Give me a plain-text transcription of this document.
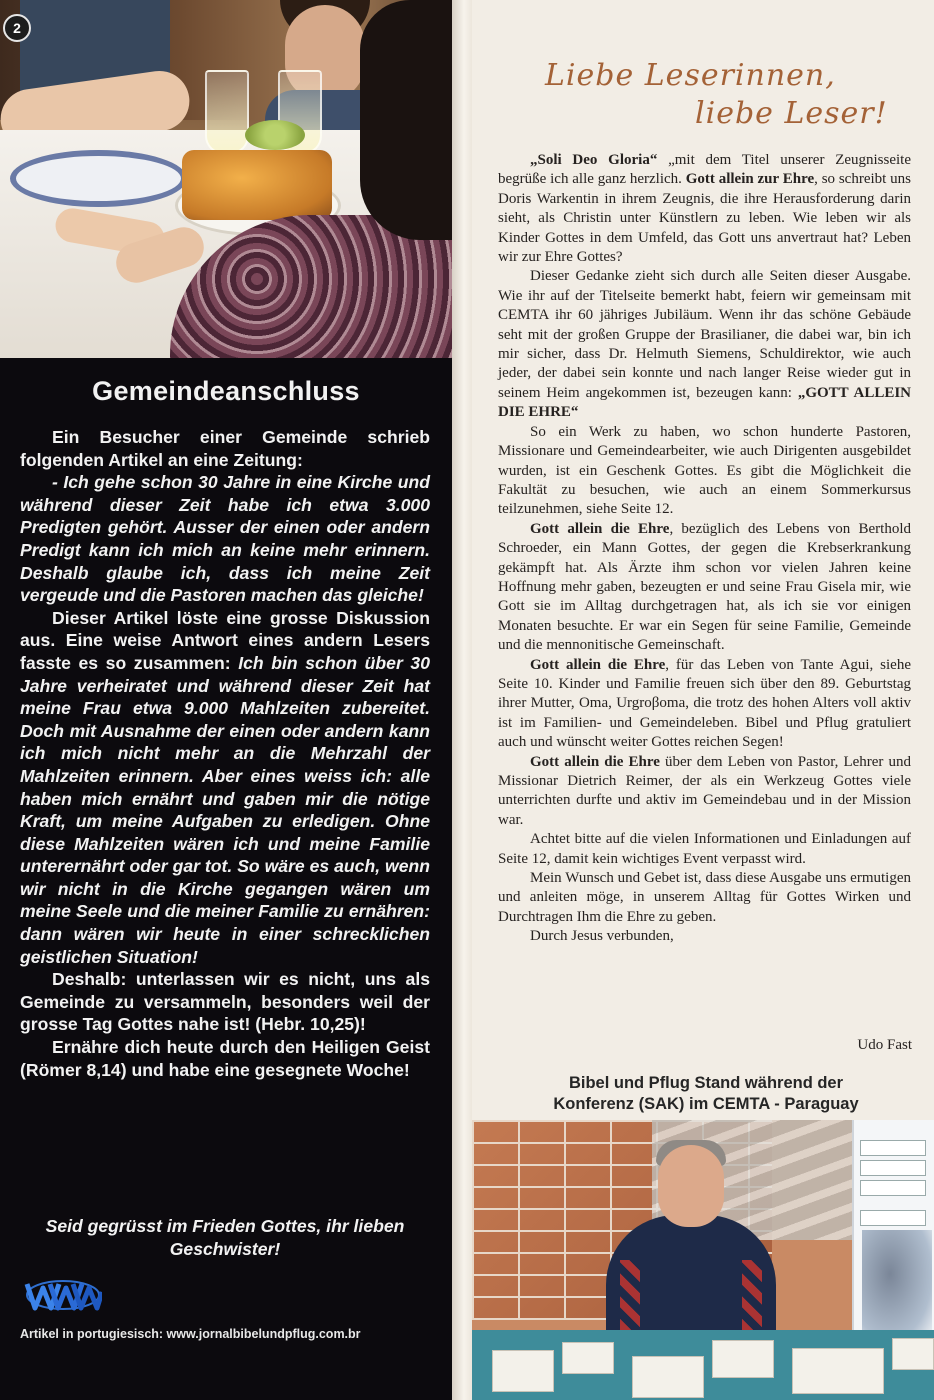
2
Gemeindeanschluss

Ein Besucher einer Gemeinde schrieb folgenden Artikel an eine Zeitung:

- Ich gehe schon 30 Jahre in eine Kirche und während dieser Zeit habe ich etwa 3.000 Predigten gehört. Ausser der einen oder andern Predigt kann ich mich an keine mehr erinnern. Deshalb glaube ich, dass ich meine Zeit vergeude und die Pastoren machen das gleiche!

Dieser Artikel löste eine grosse Diskussion aus. Eine weise Antwort eines andern Lesers fasste es so zusammen: Ich bin schon über 30 Jahre verheiratet und während dieser Zeit hat meine Frau etwa 9.000 Mahlzeiten zubereitet. Doch mit Ausnahme der einen oder andern kann ich mich nicht mehr an die Mehrzahl der Mahlzeiten erinnern. Aber eines weiss ich: alle haben mich ernährt und gaben mir die nötige Kraft, um meine Aufgaben zu erledigen. Ohne diese Mahlzeiten wären ich und meine Familie unterernährt oder gar tot. So wäre es auch, wenn wir nicht in die Kirche gegangen wären um meine Seele und die meiner Familie zu ernähren: dann wären wir heute in einer schrecklichen geistlichen Situation!

Deshalb: unterlassen wir es nicht, uns als Gemeinde zu versammeln, besonders weil der grosse Tag Gottes nahe ist! (Hebr. 10,25)!

Ernähre dich heute durch den Heiligen Geist (Römer 8,14) und habe eine gesegnete Woche!

Seid gegrüsst im Frieden Gottes, ihr lieben Geschwister!
Artikel in portugiesisch: www.jornalbibelundpflug.com.br
Liebe Leserinnen,
liebe Leser!

„Soli Deo Gloria“ „mit dem Titel unserer Zeugnisseite begrüße ich alle ganz herzlich. Gott allein zur Ehre, so schreibt uns Doris Warkentin in ihrem Zeugnis, die ihre Herausforderung darin sieht, als Christin unter Künstlern zu leben. Wie leben wir als Kinder Gottes in dem Umfeld, das Gott uns anvertraut hat? Leben wir zur Ehre Gottes?

Dieser Gedanke zieht sich durch alle Seiten dieser Ausgabe. Wie ihr auf der Titelseite bemerkt habt, feiern wir gemeinsam mit CEMTA ihr 60 jähriges Jubiläum. Wenn ihr das schöne Gebäude seht mit der großen Gruppe der Brasilianer, die dabei war, bin ich mir sicher, dass Dr. Helmuth Siemens, Schuldirektor, wie auch jeder, der dabei sein konnte und nach langer Reise wieder gut in seinem Heim angekommen ist, bezeugen kann: „GOTT ALLEIN DIE EHRE“

So ein Werk zu haben, wo schon hunderte Pastoren, Missionare und Gemeindearbeiter, wie auch Dirigenten ausgebildet wurden, ist ein Geschenk Gottes. Es gibt die Möglichkeit die Fakultät zu besuchen, wie auch an einem Sommerkursus teilzunehmen, siehe Seite 12.

Gott allein die Ehre, bezüglich des Lebens von Berthold Schroeder, ein Mann Gottes, der gegen die Krebserkrankung gekämpft hat. Als Ärzte ihm schon vor vielen Jahren keine Hoffnung mehr gaben, bezeugten er und seine Frau Gisela mir, wie Gott sie im Alltag durchgetragen hat, als ich sie vor einigen Monaten besuchte. Er war ein Segen für seine Familie, Gemeinde und die mennonitische Gemeinschaft.

Gott allein die Ehre, für das Leben von Tante Agui, siehe Seite 10. Kinder und Familie freuen sich über den 89. Geburtstag ihrer Mutter, Oma, Urgroβoma, die trotz des hohen Alters voll aktiv ist im Familien- und Gemeindeleben. Bibel und Pflug gratuliert auch und wünscht weiter Gottes reichen Segen!

Gott allein die Ehre über dem Leben von Pastor, Lehrer und Missionar Dietrich Reimer, der als ein Werkzeug Gottes viele unterrichten durfte und aktiv im Gemeindebau und in der Mission war.

Achtet bitte auf die vielen Informationen und Einladungen auf Seite 12, damit kein wichtiges Event verpasst wird.

Mein Wunsch und Gebet ist, dass diese Ausgabe uns ermutigen und anleiten möge, in unserem Alltag für Gottes Wirken und Durchtragen Ihm die Ehre zu geben.

Durch Jesus verbunden,

Udo Fast
Bibel und Pflug Stand während der
Konferenz (SAK) im CEMTA - Paraguay
